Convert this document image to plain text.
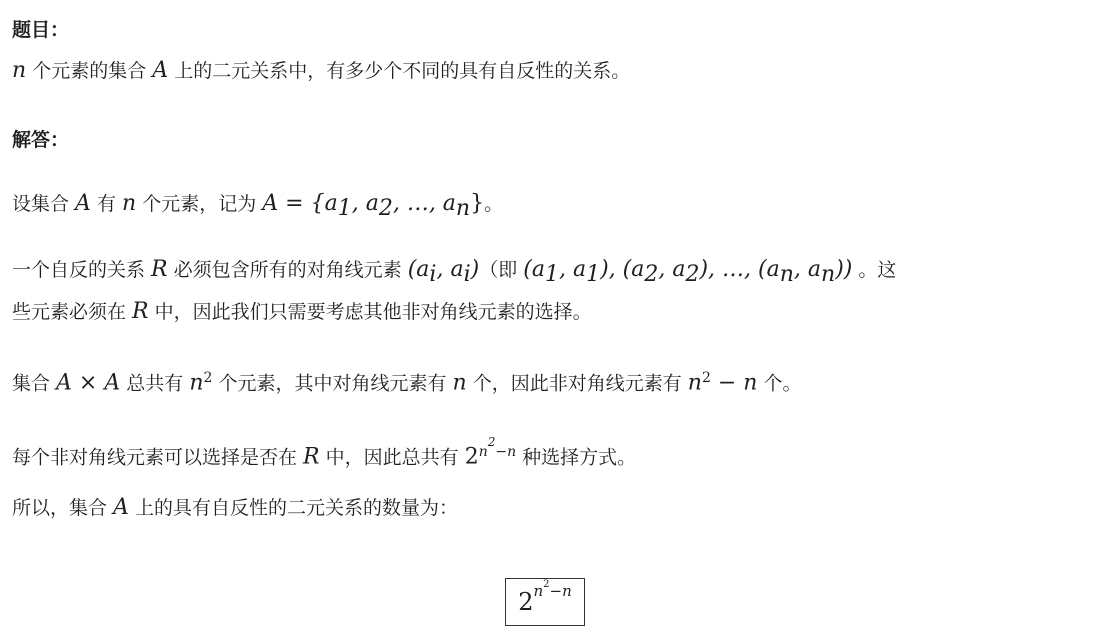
题目：
n 个元素的集合 A 上的二元关系中，有多少个不同的具有自反性的关系。
解答：
设集合 A 有 n 个元素，记为 $A = \{a_1$, $a_2$, …, $a_n$}。
一个自反的关系 R 必须包含所有的对角线元素 ($a_i$, $a_i$)（即 ($a_1$, $a_1$), ($a_2$, $a_2$), …, ($a_n$, $a_n$)) 。这
些元素必须在 R 中，因此我们只需要考虑其他非对角线元素的选择。
集合 A × A 总共有 $n^2$ 个元素，其中对角线元素有 n 个，因此非对角线元素有 $n^2 - n$ 个。
每个非对角线元素可以选择是否在 R 中，因此总共有 $2^{n2-n}$ 种选择方式。
所以，集合 A 上的具有自反性的二元关系的数量为：
2 n 2 −n
